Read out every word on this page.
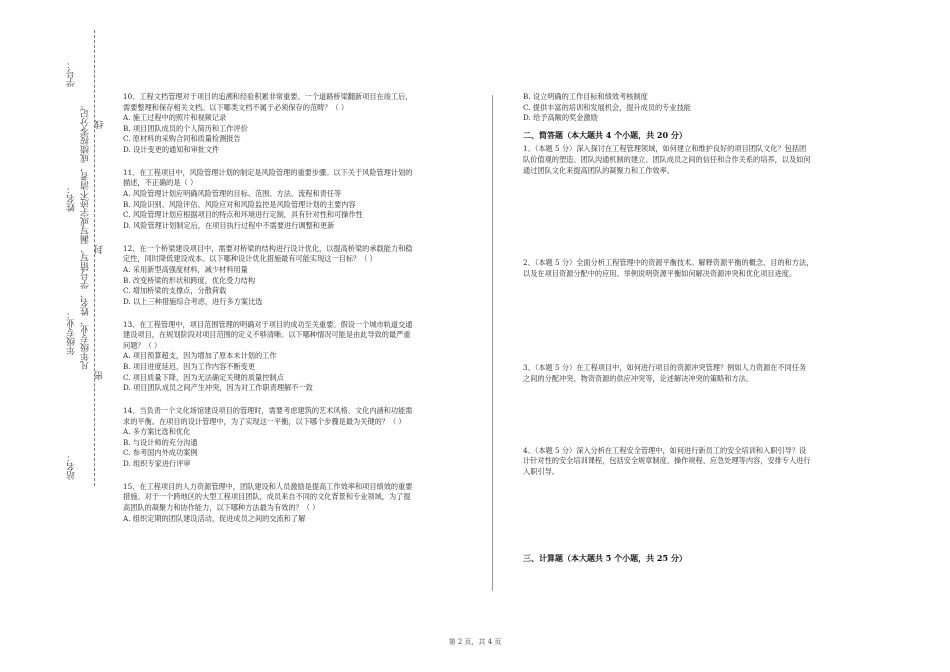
站名：
年级专业：
姓名：
学号：
凡年级专业、姓名、学号错写、漏写或字迹不清者，成绩按零分记。
密
封
线

10、工程文档管理对于项目的追溯和经验积累非常重要。一个道路桥梁翻新项目在竣工后，

需要整理和保存相关文档。以下哪类文档不属于必须保存的范畴？（ ）

A. 施工过程中的照片和视频记录

B. 项目团队成员的个人简历和工作评价

C. 原材料的采购合同和质量检测报告

D. 设计变更的通知和审批文件

11、在工程项目中，风险管理计划的制定是风险管理的重要步骤。以下关于风险管理计划的

描述，不正确的是（ ）

A. 风险管理计划应明确风险管理的目标、范围、方法、流程和责任等

B. 风险识别、风险评估、风险应对和风险监控是风险管理计划的主要内容

C. 风险管理计划应根据项目的特点和环境进行定制，具有针对性和可操作性

D. 风险管理计划制定后，在项目执行过程中不需要进行调整和更新

12、在一个桥梁建设项目中，需要对桥梁的结构进行设计优化，以提高桥梁的承载能力和稳

定性，同时降低建设成本。以下哪种设计优化措施最有可能实现这一目标？（ ）

A. 采用新型高强度材料，减少材料用量

B. 改变桥梁的形状和跨度，优化受力结构

C. 增加桥梁的支撑点，分散荷载

D. 以上三种措施综合考虑，进行多方案比选

13、在工程管理中，项目范围管理的明确对于项目的成功至关重要。假设一个城市轨道交通

建设项目，在规划阶段对项目范围的定义不够清晰。以下哪种情况可能是由此导致的最严重

问题？（ ）

A. 项目预算超支，因为增加了原本未计划的工作

B. 项目进度延迟，因为工作内容不断变更

C. 项目质量下降，因为无法确定关键的质量控制点

D. 项目团队成员之间产生冲突，因为对工作职责理解不一致

14、当负责一个文化场馆建设项目的管理时，需要考虑建筑的艺术风格、文化内涵和功能需

求的平衡。在项目的设计管理中，为了实现这一平衡，以下哪个步骤是最为关键的？（ ）

A. 多方案比选和优化

B. 与设计师的充分沟通

C. 参考国内外成功案例

D. 组织专家进行评审

15、在工程项目的人力资源管理中，团队建设和人员激励是提高工作效率和项目绩效的重要

措施。对于一个跨地区的大型工程项目团队，成员来自不同的文化背景和专业领域，为了提

高团队的凝聚力和协作能力，以下哪种方法最为有效的？（ ）

A. 组织定期的团队建设活动，促进成员之间的交流和了解

B. 设立明确的工作目标和绩效考核制度

C. 提供丰富的培训和发展机会，提升成员的专业技能

D. 给予高额的奖金激励

二、简答题（本大题共 4 个小题，共 20 分）

1、（本题 5 分）深入探讨在工程管理领域，如何建立和维护良好的项目团队文化？包括团

队价值观的塑造、团队沟通机制的建立、团队成员之间的信任和合作关系的培养，以及如何

通过团队文化来提高团队的凝聚力和工作效率。

2、（本题 5 分）全面分析工程管理中的资源平衡技术。解释资源平衡的概念、目的和方法，

以及在项目资源分配中的应用。举例说明资源平衡如何解决资源冲突和优化项目进度。

3、（本题 5 分）在工程项目中，如何进行项目的资源冲突管理？例如人力资源在不同任务

之间的分配冲突、物资资源的供应冲突等，论述解决冲突的策略和方法。

4、（本题 5 分）深入分析在工程安全管理中，如何进行新员工的安全培训和入职引导？设

计针对性的安全培训课程，包括安全规章制度、操作规程、应急处理等内容，安排专人进行

入职引导。

三、计算题（本大题共 5 个小题，共 25 分）
第 2 页，共 4 页
